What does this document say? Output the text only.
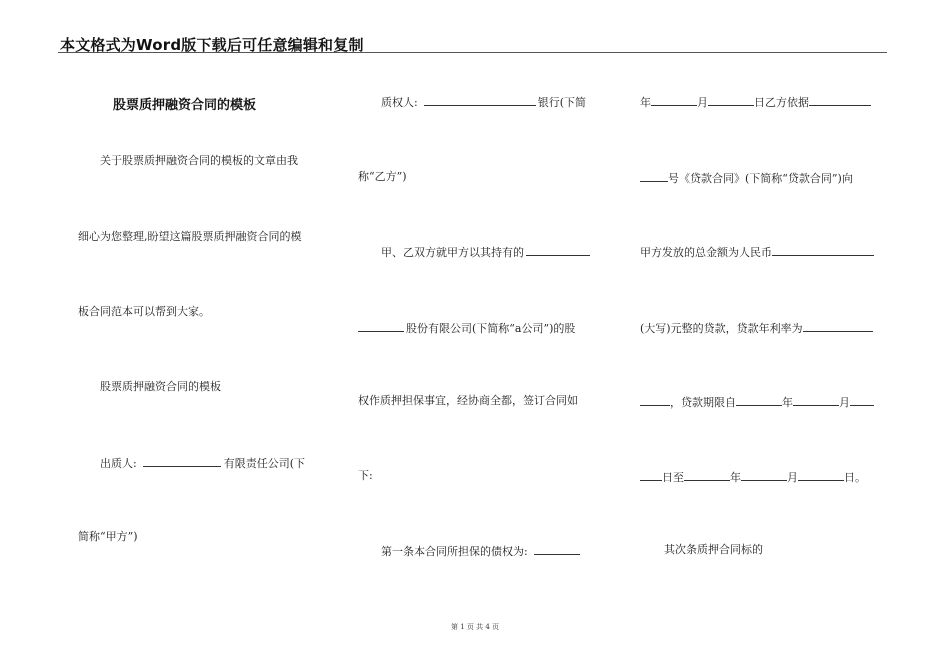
本文格式为Word版下载后可任意编辑和复制
股票质押融资合同的模板
关于股票质押融资合同的模板的文章由我
细心为您整理,盼望这篇股票质押融资合同的模
板合同范本可以帮到大家。
股票质押融资合同的模板
出质人:	有限责任公司(下
简称“甲方”)
质权人:	银行(下简
称“乙方”)
甲、乙双方就甲方以其持有的
股份有限公司(下简称“a公司”)的股
权作质押担保事宜，经协商全都，签订合同如
下:
第一条本合同所担保的债权为:
年	月	日乙方依据
号《贷款合同》(下简称“贷款合同”)向
甲方发放的总金额为人民币
(大写)元整的贷款，贷款年利率为
，贷款期限自	年	月
日至	年	月	日。
其次条质押合同标的
第 1 页 共 4 页
